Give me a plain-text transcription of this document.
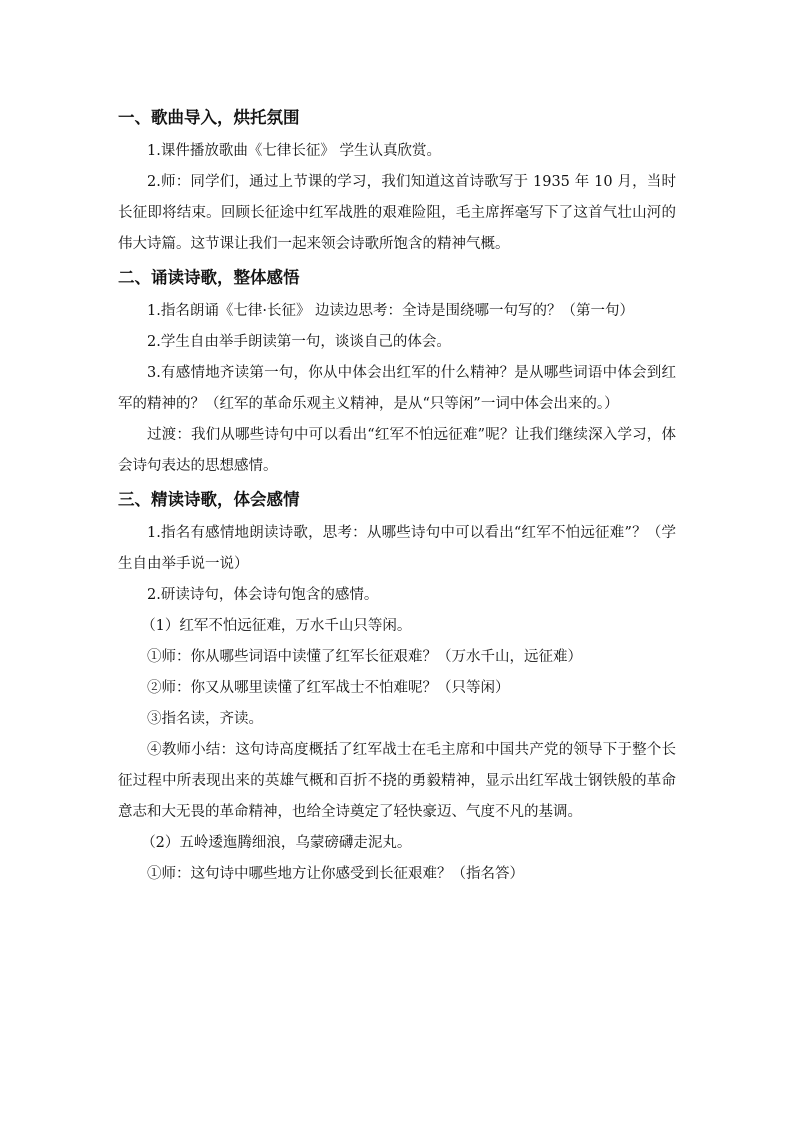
一、歌曲导入，烘托氛围

1.课件播放歌曲《七律长征》 学生认真欣赏。

2.师：同学们，通过上节课的学习，我们知道这首诗歌写于 1935 年 10 月，当时长征即将结束。回顾长征途中红军战胜的艰难险阻，毛主席挥毫写下了这首气壮山河的伟大诗篇。这节课让我们一起来领会诗歌所饱含的精神气概。

二、诵读诗歌，整体感悟

1.指名朗诵《七律·长征》 边读边思考：全诗是围绕哪一句写的？（第一句）

2.学生自由举手朗读第一句，谈谈自己的体会。

3.有感情地齐读第一句，你从中体会出红军的什么精神？是从哪些词语中体会到红军的精神的？（红军的革命乐观主义精神，是从“只等闲”一词中体会出来的。）

过渡：我们从哪些诗句中可以看出“红军不怕远征难”呢？让我们继续深入学习，体会诗句表达的思想感情。

三、精读诗歌，体会感情

1.指名有感情地朗读诗歌，思考：从哪些诗句中可以看出“红军不怕远征难”？（学生自由举手说一说）

2.研读诗句，体会诗句饱含的感情。

（1）红军不怕远征难，万水千山只等闲。

①师：你从哪些词语中读懂了红军长征艰难？（万水千山，远征难）

②师：你又从哪里读懂了红军战士不怕难呢？（只等闲）

③指名读，齐读。

④教师小结：这句诗高度概括了红军战士在毛主席和中国共产党的领导下于整个长征过程中所表现出来的英雄气概和百折不挠的勇毅精神，显示出红军战士钢铁般的革命意志和大无畏的革命精神，也给全诗奠定了轻快豪迈、气度不凡的基调。

（2）五岭逶迤腾细浪，乌蒙磅礴走泥丸。

①师：这句诗中哪些地方让你感受到长征艰难？（指名答）
